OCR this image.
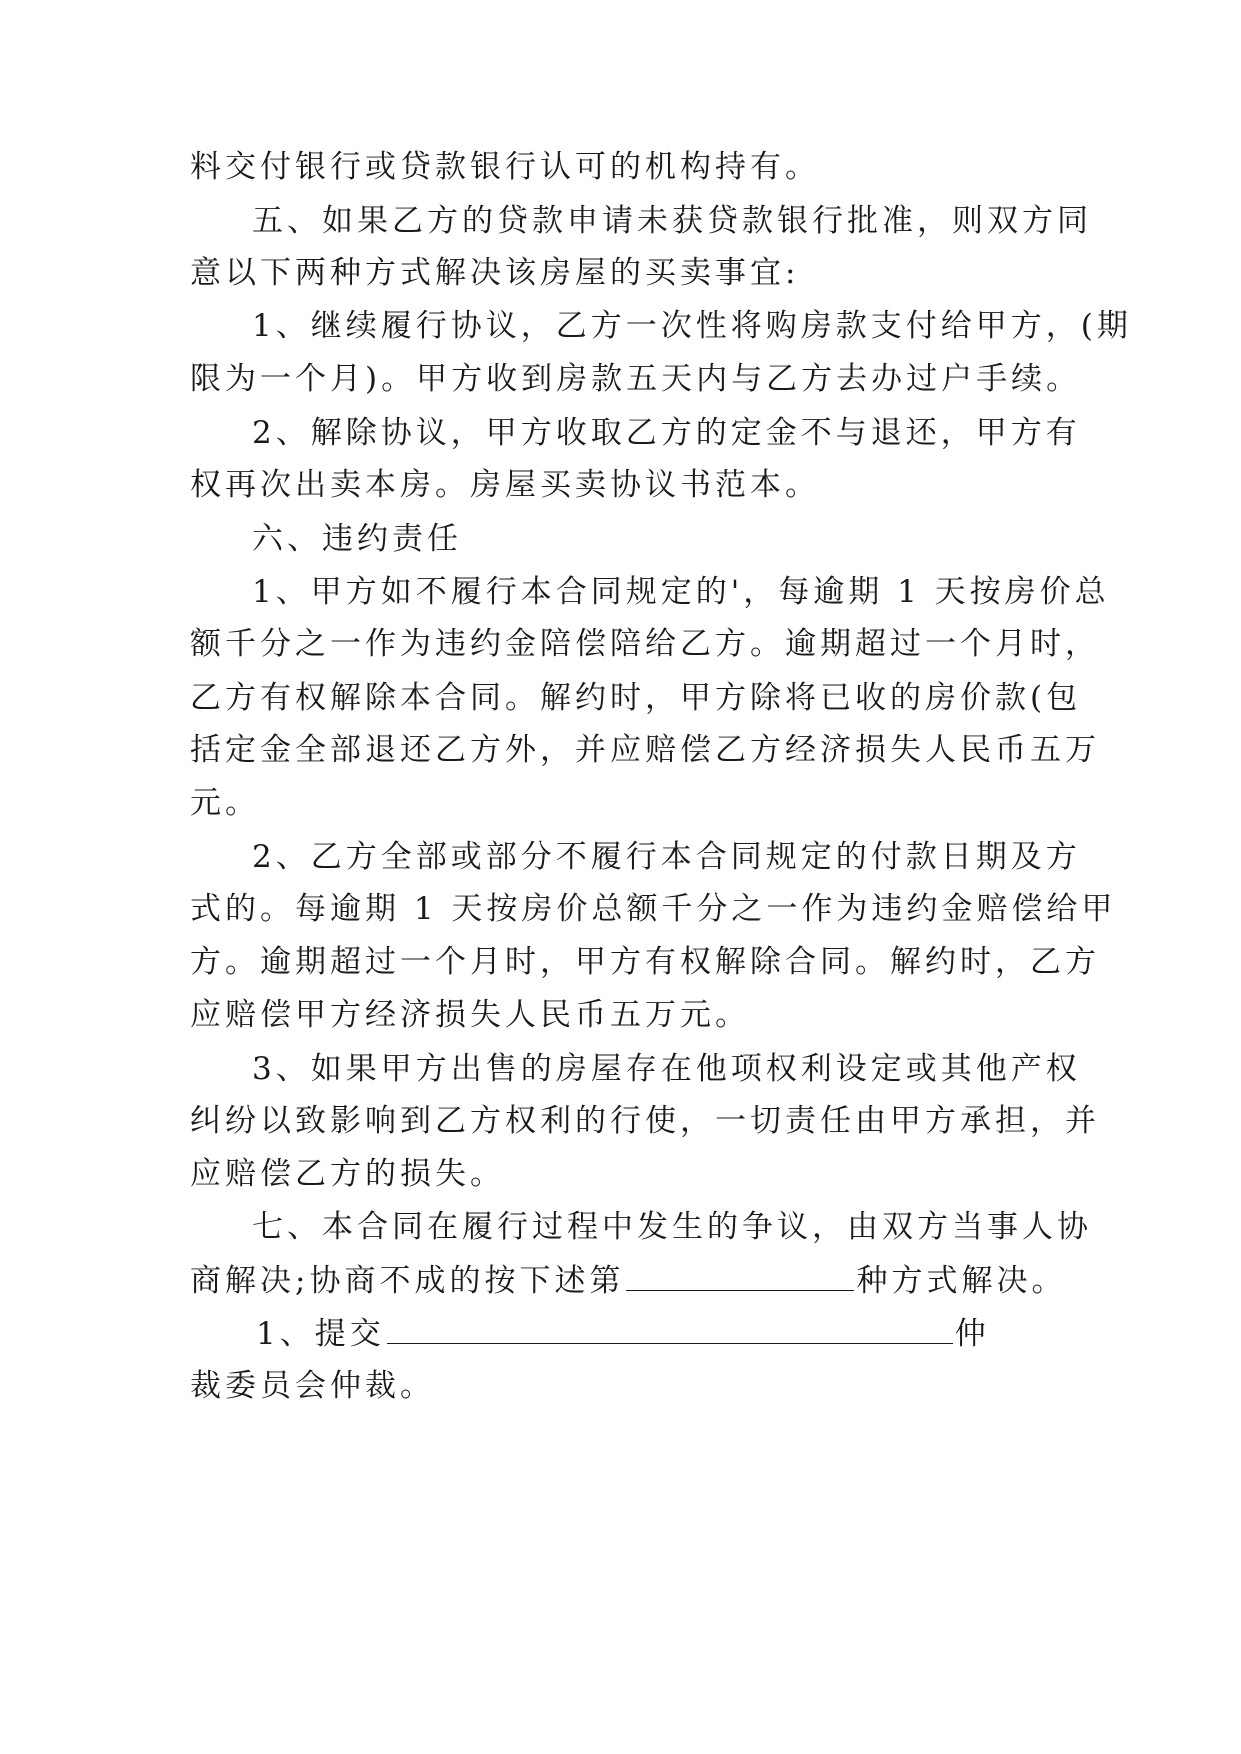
料交付银行或贷款银行认可的机构持有。
五、如果乙方的贷款申请未获贷款银行批准，则双方同
意以下两种方式解决该房屋的买卖事宜:
1、继续履行协议，乙方一次性将购房款支付给甲方，(期
限为一个月)。甲方收到房款五天内与乙方去办过户手续。
2、解除协议，甲方收取乙方的定金不与退还，甲方有
权再次出卖本房。房屋买卖协议书范本。
六、违约责任
1、甲方如不履行本合同规定的'，每逾期 1 天按房价总
额千分之一作为违约金陪偿陪给乙方。逾期超过一个月时，
乙方有权解除本合同。解约时，甲方除将已收的房价款(包
括定金全部退还乙方外，并应赔偿乙方经济损失人民币五万
元。
2、乙方全部或部分不履行本合同规定的付款日期及方
式的。每逾期 1 天按房价总额千分之一作为违约金赔偿给甲
方。逾期超过一个月时，甲方有权解除合同。解约时，乙方
应赔偿甲方经济损失人民币五万元。
3、如果甲方出售的房屋存在他项权利设定或其他产权
纠纷以致影响到乙方权利的行使，一切责任由甲方承担，并
应赔偿乙方的损失。
七、本合同在履行过程中发生的争议，由双方当事人协
商解决;协商不成的按下述第	种方式解决。
1、提交	仲
裁委员会仲裁。
